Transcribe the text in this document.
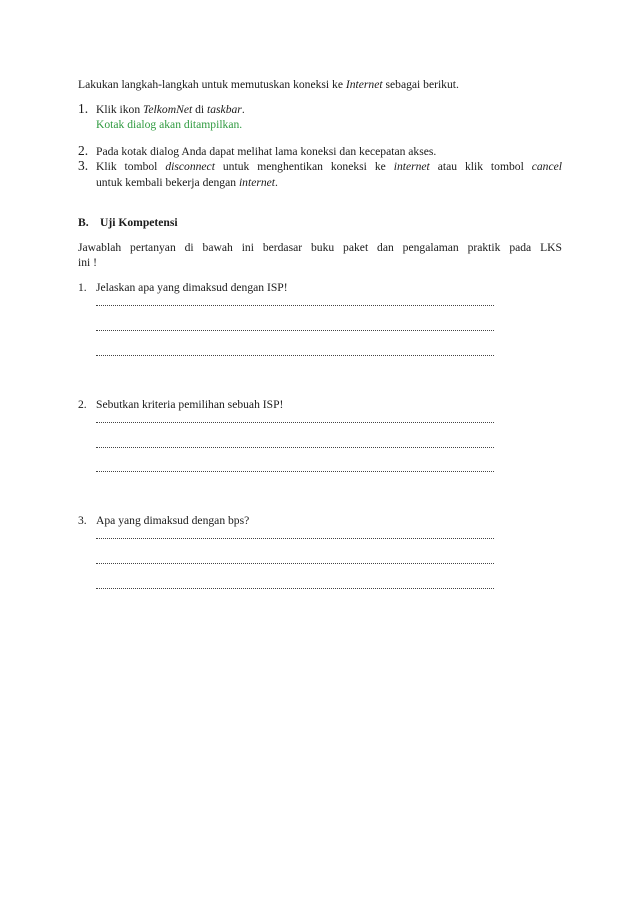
Lakukan langkah-langkah untuk memutuskan koneksi ke Internet sebagai berikut.
1. Klik ikon TelkomNet di taskbar.
Kotak dialog akan ditampilkan.
2. Pada kotak dialog Anda dapat melihat lama koneksi dan kecepatan akses.
3. Klik tombol disconnect untuk menghentikan koneksi ke internet atau klik tombol cancel
untuk kembali bekerja dengan internet.
B. Uji Kompetensi
Jawablah pertanyan di bawah ini berdasar buku paket dan pengalaman praktik pada LKS
ini !
1. Jelaskan apa yang dimaksud dengan ISP!
2. Sebutkan kriteria pemilihan sebuah ISP!
3. Apa yang dimaksud dengan bps?
